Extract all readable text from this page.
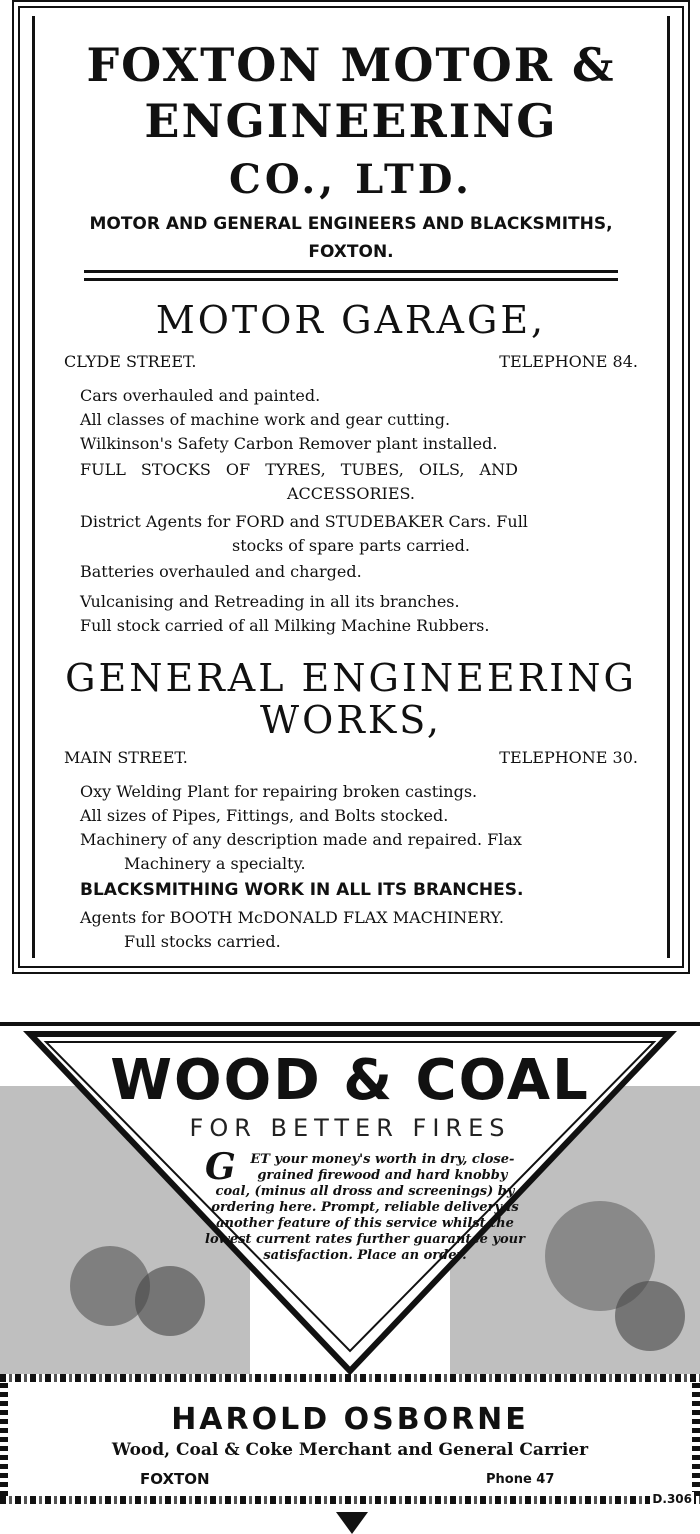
FOXTON MOTOR &
ENGINEERING
CO., LTD.
MOTOR AND GENERAL ENGINEERS AND BLACKSMITHS,
FOXTON.
MOTOR GARAGE,
CLYDE STREET.	TELEPHONE 84.
Cars overhauled and painted.
All classes of machine work and gear cutting.
Wilkinson's Safety Carbon Remover plant installed.
FULL STOCKS OF TYRES, TUBES, OILS, AND
ACCESSORIES.
District Agents for FORD and STUDEBAKER Cars. Full
stocks of spare parts carried.
Batteries overhauled and charged.
Vulcanising and Retreading in all its branches.
Full stock carried of all Milking Machine Rubbers.
GENERAL ENGINEERING
WORKS,
MAIN STREET.	TELEPHONE 30.
Oxy Welding Plant for repairing broken castings.
All sizes of Pipes, Fittings, and Bolts stocked.
Machinery of any description made and repaired. Flax
Machinery a specialty.
BLACKSMITHING WORK IN ALL ITS BRANCHES.
Agents for BOOTH McDONALD FLAX MACHINERY.
Full stocks carried.
WOOD & COAL
FOR BETTER FIRES
G ET your money's worth in dry, close-grained firewood and hard knobby coal, (minus all dross and screenings) by ordering here. Prompt, reliable delivery is another feature of this service whilst the lowest current rates further guarantee your satisfaction. Place an order.
HAROLD OSBORNE
Wood, Coal & Coke Merchant and General Carrier
FOXTON	Phone 47
D.306
